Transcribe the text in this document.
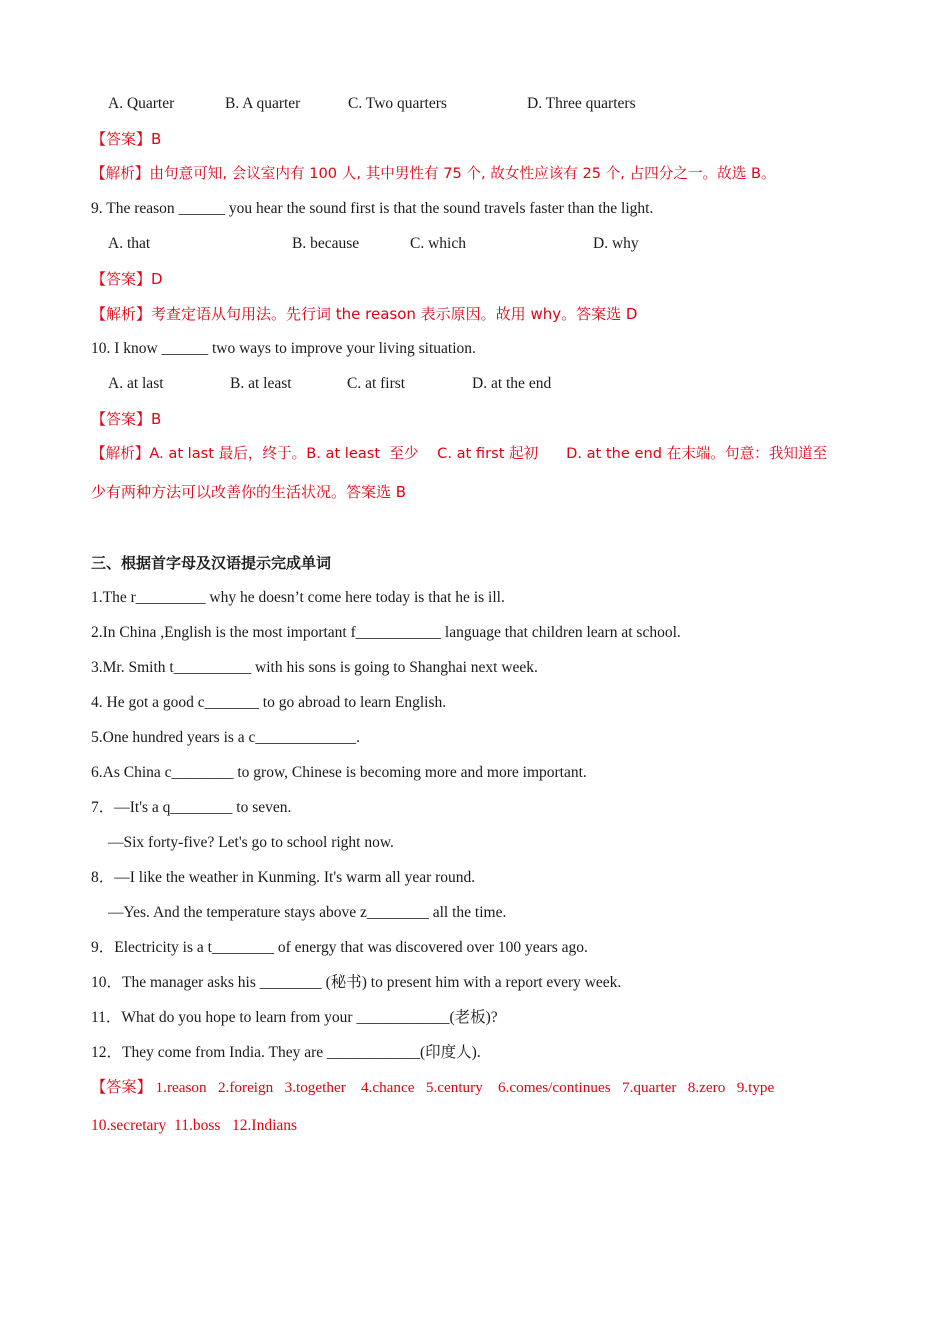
A. Quarter	B. A quarter	C. Two quarters	D. Three quarters
【答案】B
【解析】由句意可知, 会议室内有 100 人, 其中男性有 75 个, 故女性应该有 25 个, 占四分之一。故选 B。
9. The reason ______ you hear the sound first is that the sound travels faster than the light.
A. that	B. because	C. which	D. why
【答案】D
【解析】考查定语从句用法。先行词 the reason 表示原因。故用 why。答案选 D
10. I know ______ two ways to improve your living situation.
A. at last	B. at least	C. at first	D. at the end
【答案】B
【解析】A. at last 最后，终于。B. at least  至少    C. at first 起初      D. at the end 在末端。句意：我知道至
少有两种方法可以改善你的生活状况。答案选 B
三、根据首字母及汉语提示完成单词
1.The r_________ why he doesn’t come here today is that he is ill.
2.In China ,English is the most important f___________ language that children learn at school.
3.Mr. Smith t__________ with his sons is going to Shanghai next week.
4. He got a good c_______ to go abroad to learn English.
5.One hundred years is a c_____________.
6.As China c________ to grow, Chinese is becoming more and more important.
7．—It's a q________ to seven.
—Six forty-five? Let's go to school right now.
8．—I like the weather in Kunming. It's warm all year round.
—Yes. And the temperature stays above z________ all the time.
9．Electricity is a t________ of energy that was discovered over 100 years ago.
10．The manager asks his ________ (秘书) to present him with a report every week.
11．What do you hope to learn from your ____________(老板)?
12．They come from India. They are ____________(印度人).
【答案】 1.reason   2.foreign   3.together    4.chance   5.century    6.comes/continues   7.quarter   8.zero   9.type
10.secretary  11.boss   12.Indians
